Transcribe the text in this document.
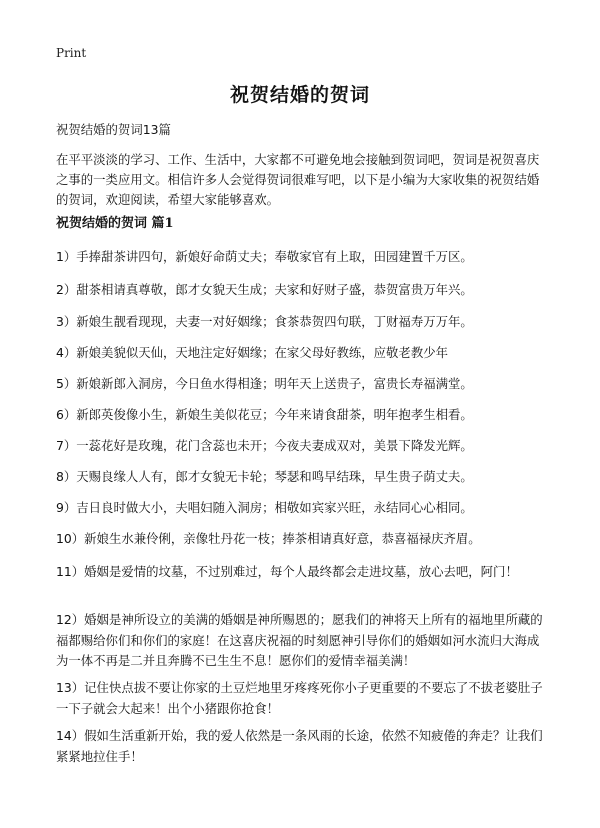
Print
祝贺结婚的贺词
祝贺结婚的贺词13篇
在平平淡淡的学习、工作、生活中，大家都不可避免地会接触到贺词吧，贺词是祝贺喜庆之事的一类应用文。相信许多人会觉得贺词很难写吧，以下是小编为大家收集的祝贺结婚的贺词，欢迎阅读，希望大家能够喜欢。
祝贺结婚的贺词 篇1
1）手捧甜茶讲四句，新娘好命荫丈夫；奉敬家官有上取，田园建置千万区。
2）甜茶相请真尊敬，郎才女貌天生成；夫家和好财子盛，恭贺富贵万年兴。
3）新娘生靓看现现，夫妻一对好姻缘；食茶恭贺四句联，丁财福寿万万年。
4）新娘美貌似天仙，天地注定好姻缘；在家父母好教练，应敬老教少年
5）新娘新郎入洞房，今日鱼水得相逢；明年天上送贵子，富贵长寿福满堂。
6）新郎英俊像小生，新娘生美似花豆；今年来请食甜茶，明年抱孝生相看。
7）一蕊花好是玫瑰，花门含蕊也未开；今夜夫妻成双对，美景下降发光辉。
8）天赐良缘人人有，郎才女貌无卡轮；琴瑟和鸣早结珠，早生贵子荫丈夫。
9）吉日良时做大小，夫唱妇随入洞房；相敬如宾家兴旺，永结同心心相同。
10）新娘生水兼伶俐，亲像牡丹花一枝；捧茶相请真好意，恭喜福禄庆齐眉。
11）婚姻是爱情的坟墓，不过别难过，每个人最终都会走进坟墓，放心去吧，阿门！
12）婚姻是神所设立的美满的婚姻是神所赐恩的；愿我们的神将天上所有的福地里所藏的福都赐给你们和你们的家庭！在这喜庆祝福的时刻愿神引导你们的婚姻如河水流归大海成为一体不再是二并且奔腾不已生生不息！愿你们的爱情幸福美满！
13）记住快点拔不要让你家的土豆烂地里牙疼疼死你小子更重要的不要忘了不拔老婆肚子一下子就会大起来！出个小猪跟你抢食！
14）假如生活重新开始，我的爱人依然是一条风雨的长途，依然不知疲倦的奔走？让我们紧紧地拉住手！
